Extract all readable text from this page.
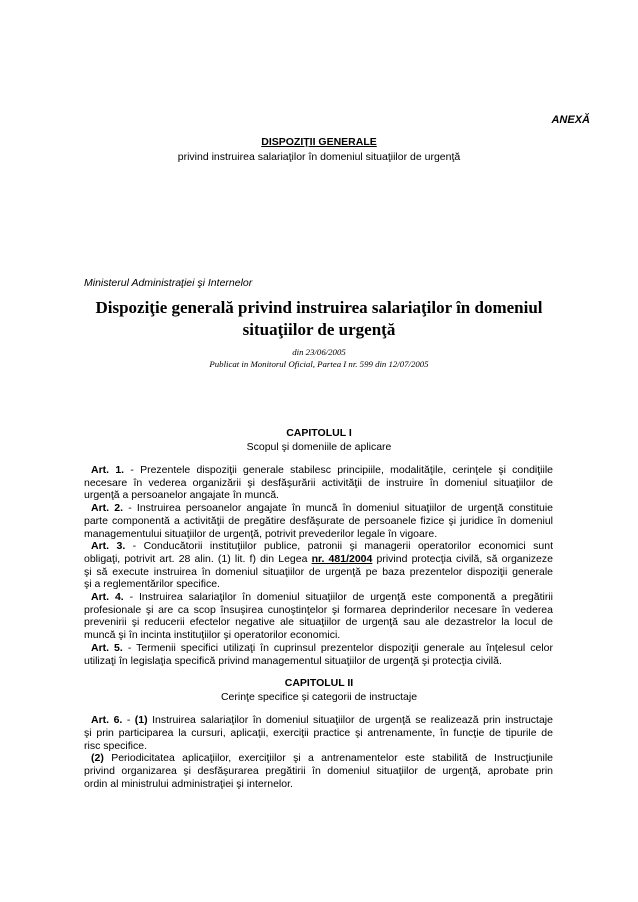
ANEXĂ
DISPOZIŢII GENERALE
privind instruirea salariaţilor în domeniul situaţiilor de urgenţă
Ministerul Administraţiei şi Internelor
Dispoziţie generală privind instruirea salariaţilor în domeniul
situaţiilor de urgenţă
din 23/06/2005
Publicat in Monitorul Oficial, Partea I nr. 599 din 12/07/2005
CAPITOLUL I
Scopul şi domeniile de aplicare
Art. 1. - Prezentele dispoziţii generale stabilesc principiile, modalităţile, cerinţele şi condiţiile
necesare în vederea organizării şi desfăşurării activităţii de instruire în domeniul situaţiilor de
urgenţă a persoanelor angajate în muncă.
Art. 2. - Instruirea persoanelor angajate în muncă în domeniul situaţiilor de urgenţă constituie
parte componentă a activităţii de pregătire desfăşurate de persoanele fizice şi juridice în domeniul
managementului situaţiilor de urgenţă, potrivit prevederilor legale în vigoare.
Art. 3. - Conducătorii instituţiilor publice, patronii şi managerii operatorilor economici sunt
obligaţi, potrivit art. 28 alin. (1) lit. f) din Legea nr. 481/2004 privind protecţia civilă, să organizeze
şi să execute instruirea în domeniul situaţiilor de urgenţă pe baza prezentelor dispoziţii generale
şi a reglementărilor specifice.
Art. 4. - Instruirea salariaţilor în domeniul situaţiilor de urgenţă este componentă a pregătirii
profesionale şi are ca scop însuşirea cunoştinţelor şi formarea deprinderilor necesare în vederea
prevenirii şi reducerii efectelor negative ale situaţiilor de urgenţă sau ale dezastrelor la locul de
muncă şi în incinta instituţiilor şi operatorilor economici.
Art. 5. - Termenii specifici utilizaţi în cuprinsul prezentelor dispoziţii generale au înţelesul celor
utilizaţi în legislaţia specifică privind managementul situaţiilor de urgenţă şi protecţia civilă.
CAPITOLUL II
Cerinţe specifice şi categorii de instructaje
Art. 6. - (1) Instruirea salariaţilor în domeniul situaţiilor de urgenţă se realizează prin instructaje
şi prin participarea la cursuri, aplicaţii, exerciţii practice şi antrenamente, în funcţie de tipurile de
risc specifice.
(2) Periodicitatea aplicaţiilor, exerciţiilor şi a antrenamentelor este stabilită de Instrucţiunile
privind organizarea şi desfăşurarea pregătirii în domeniul situaţiilor de urgenţă, aprobate prin
ordin al ministrului administraţiei şi internelor.
